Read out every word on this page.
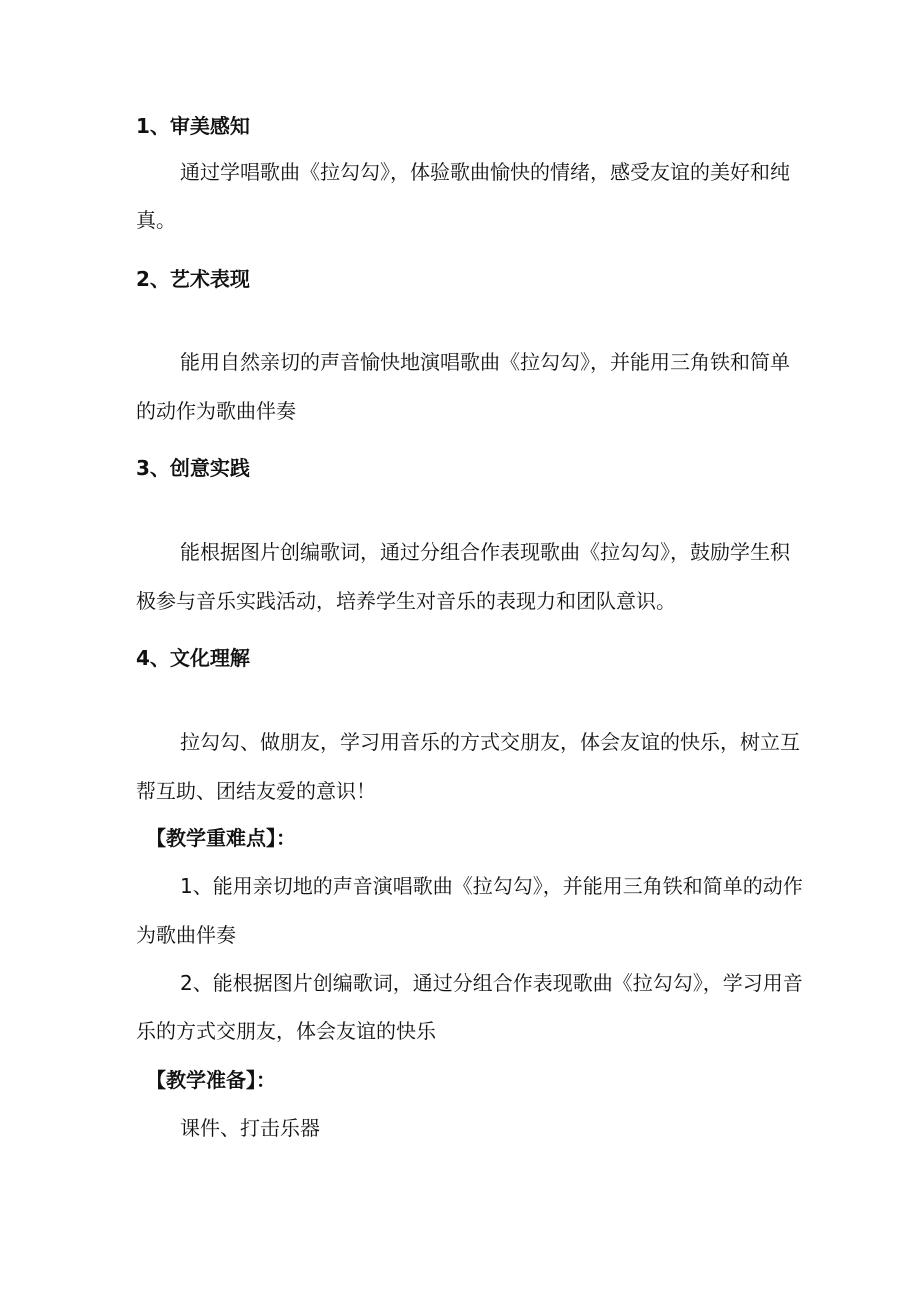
1、审美感知
通过学唱歌曲《拉勾勾》，体验歌曲愉快的情绪，感受友谊的美好和纯
真。
2、艺术表现
能用自然亲切的声音愉快地演唱歌曲《拉勾勾》，并能用三角铁和简单
的动作为歌曲伴奏
3、创意实践
能根据图片创编歌词，通过分组合作表现歌曲《拉勾勾》，鼓励学生积
极参与音乐实践活动，培养学生对音乐的表现力和团队意识。
4、文化理解
拉勾勾、做朋友，学习用音乐的方式交朋友，体会友谊的快乐，树立互
帮互助、团结友爱的意识！
【教学重难点】：
1、能用亲切地的声音演唱歌曲《拉勾勾》，并能用三角铁和简单的动作
为歌曲伴奏
2、能根据图片创编歌词，通过分组合作表现歌曲《拉勾勾》，学习用音
乐的方式交朋友，体会友谊的快乐
【教学准备】：
课件、打击乐器
